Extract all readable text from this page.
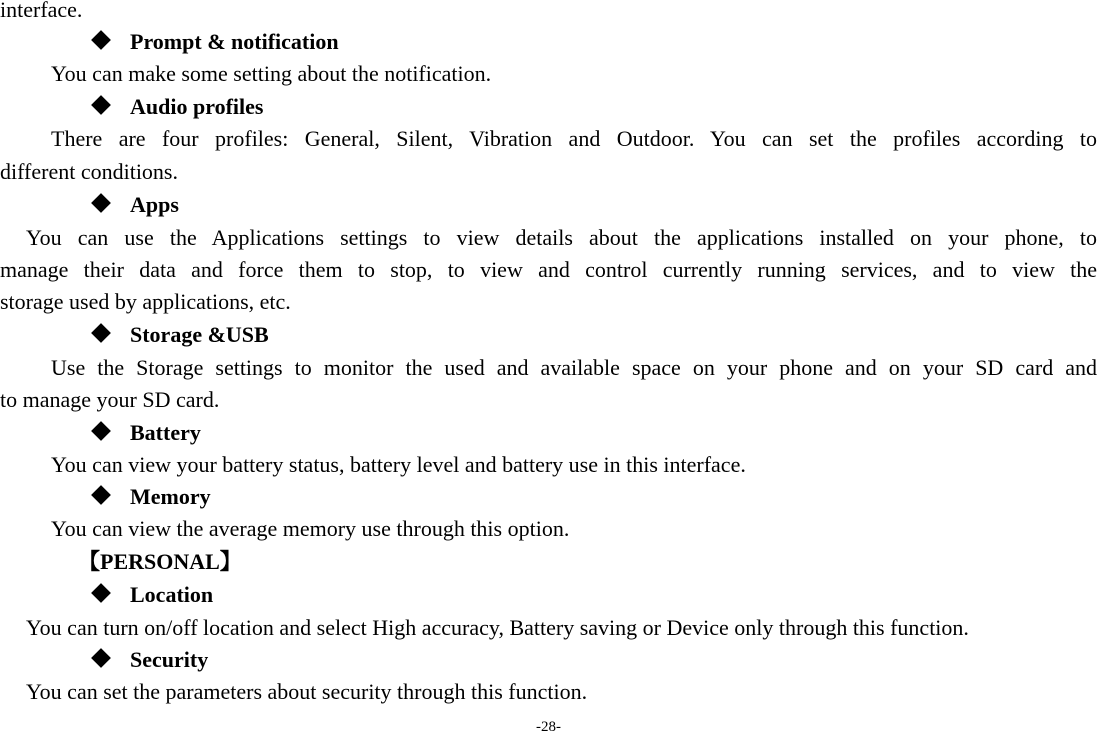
interface.
Prompt & notification
You can make some setting about the notification.
Audio profiles
There are four profiles: General, Silent, Vibration and Outdoor. You can set the profiles according to
different conditions.
Apps
You can use the Applications settings to view details about the applications installed on your phone, to
manage their data and force them to stop, to view and control currently running services, and to view the
storage used by applications, etc.
Storage &USB
Use the Storage settings to monitor the used and available space on your phone and on your SD card and
to manage your SD card.
Battery
You can view your battery status, battery level and battery use in this interface.
Memory
You can view the average memory use through this option.
【PERSONAL】
Location
You can turn on/off location and select High accuracy, Battery saving or Device only through this function.
Security
You can set the parameters about security through this function.
-28-
